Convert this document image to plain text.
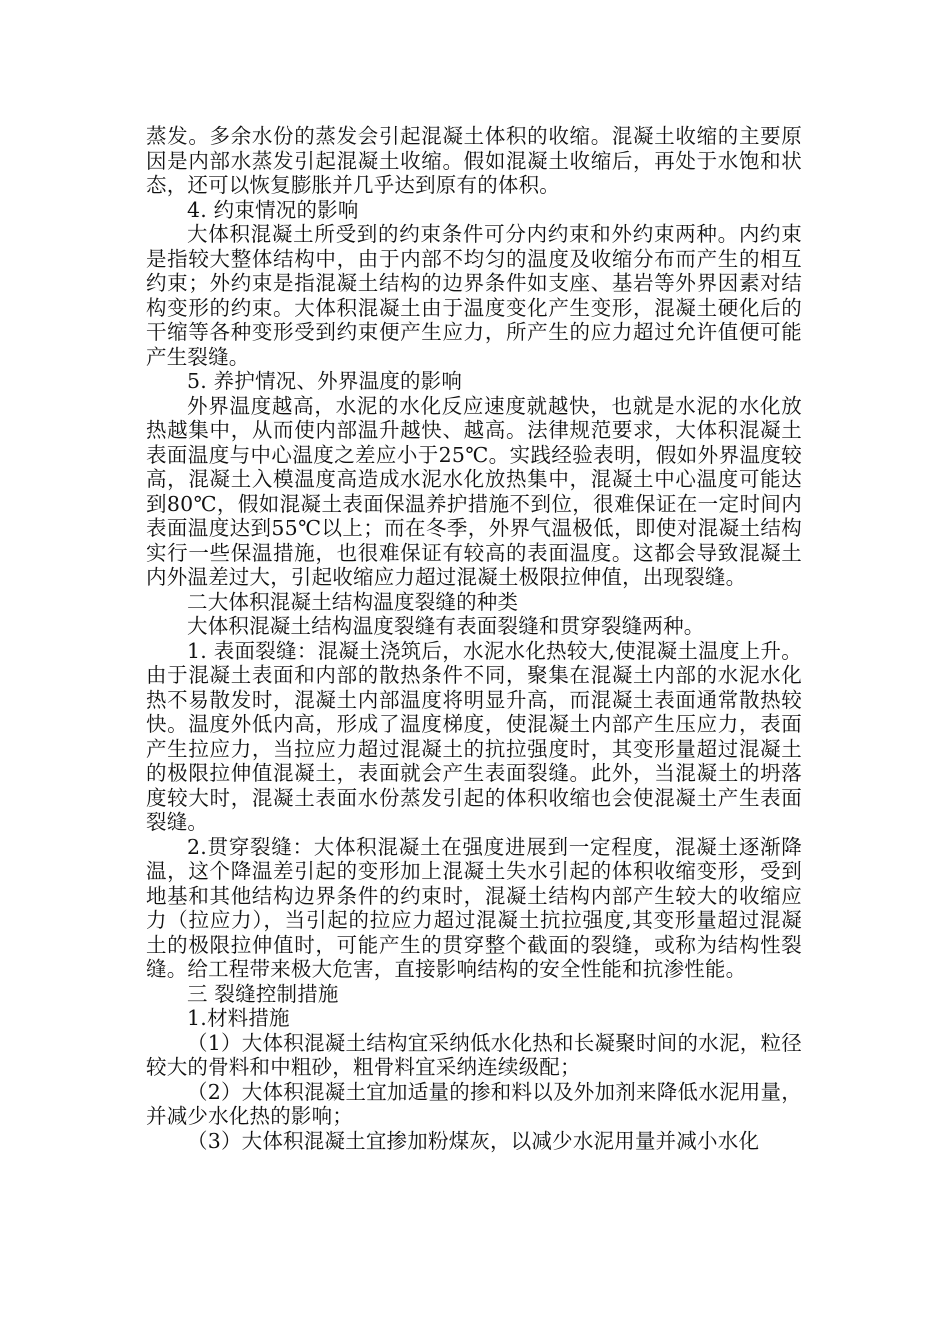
蒸发。多余水份的蒸发会引起混凝土体积的收缩。混凝土收缩的主要原因是内部水蒸发引起混凝土收缩。假如混凝土收缩后，再处于水饱和状态，还可以恢复膨胀并几乎达到原有的体积。

4. 约束情况的影响

大体积混凝土所受到的约束条件可分内约束和外约束两种。内约束是指较大整体结构中，由于内部不均匀的温度及收缩分布而产生的相互约束；外约束是指混凝土结构的边界条件如支座、基岩等外界因素对结构变形的约束。大体积混凝土由于温度变化产生变形，混凝土硬化后的干缩等各种变形受到约束便产生应力，所产生的应力超过允许值便可能产生裂缝。

5. 养护情况、外界温度的影响

外界温度越高，水泥的水化反应速度就越快，也就是水泥的水化放热越集中，从而使内部温升越快、越高。法律规范要求，大体积混凝土表面温度与中心温度之差应小于25℃。实践经验表明，假如外界温度较高，混凝土入模温度高造成水泥水化放热集中，混凝土中心温度可能达到80℃，假如混凝土表面保温养护措施不到位，很难保证在一定时间内表面温度达到55℃以上；而在冬季，外界气温极低，即使对混凝土结构实行一些保温措施，也很难保证有较高的表面温度。这都会导致混凝土内外温差过大，引起收缩应力超过混凝土极限拉伸值，出现裂缝。

二大体积混凝土结构温度裂缝的种类

大体积混凝土结构温度裂缝有表面裂缝和贯穿裂缝两种。

1. 表面裂缝：混凝土浇筑后，水泥水化热较大,使混凝土温度上升。由于混凝土表面和内部的散热条件不同，聚集在混凝土内部的水泥水化热不易散发时，混凝土内部温度将明显升高，而混凝土表面通常散热较快。温度外低内高，形成了温度梯度，使混凝土内部产生压应力，表面产生拉应力，当拉应力超过混凝土的抗拉强度时，其变形量超过混凝土的极限拉伸值混凝土，表面就会产生表面裂缝。此外，当混凝土的坍落度较大时，混凝土表面水份蒸发引起的体积收缩也会使混凝土产生表面裂缝。

2.贯穿裂缝：大体积混凝土在强度进展到一定程度，混凝土逐渐降温，这个降温差引起的变形加上混凝土失水引起的体积收缩变形，受到地基和其他结构边界条件的约束时，混凝土结构内部产生较大的收缩应力（拉应力），当引起的拉应力超过混凝土抗拉强度,其变形量超过混凝土的极限拉伸值时，可能产生的贯穿整个截面的裂缝，或称为结构性裂缝。给工程带来极大危害，直接影响结构的安全性能和抗渗性能。

三 裂缝控制措施

1.材料措施

（1）大体积混凝土结构宜采纳低水化热和长凝聚时间的水泥，粒径较大的骨料和中粗砂，粗骨料宜采纳连续级配；

（2）大体积混凝土宜加适量的掺和料以及外加剂来降低水泥用量，并减少水化热的影响；

（3）大体积混凝土宜掺加粉煤灰，以减少水泥用量并减小水化
